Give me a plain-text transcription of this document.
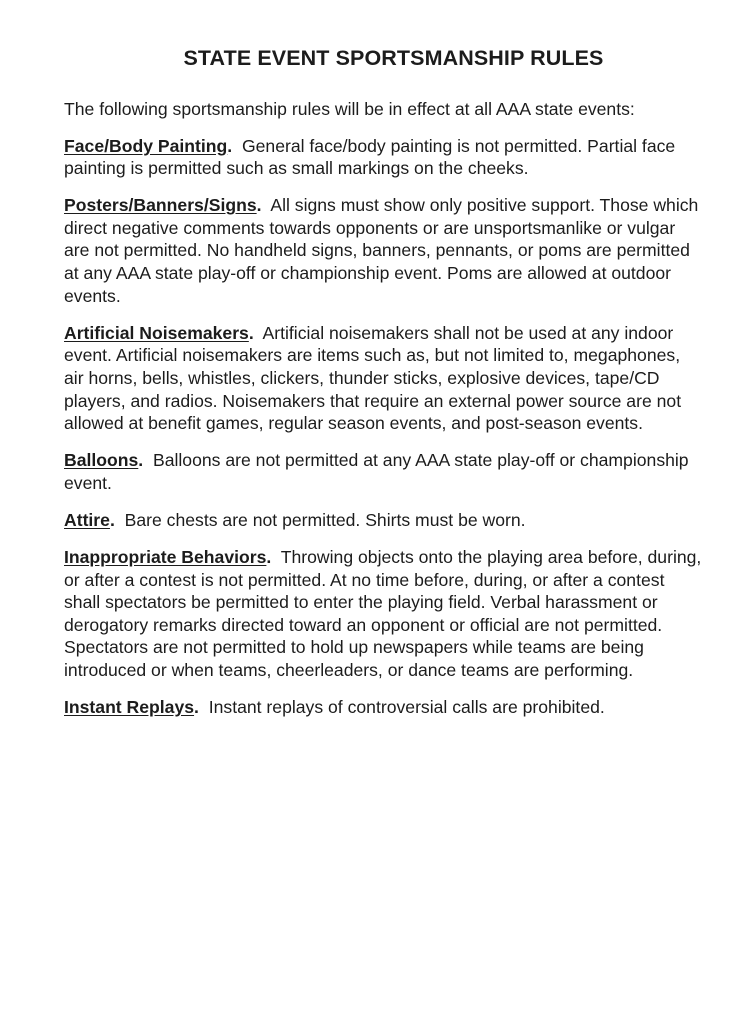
STATE EVENT SPORTSMANSHIP RULES

The following sportsmanship rules will be in effect at all AAA state events:

Face/Body Painting. General face/body painting is not permitted. Partial face painting is permitted such as small markings on the cheeks.

Posters/Banners/Signs. All signs must show only positive support. Those which direct negative comments towards opponents or are unsportsmanlike or vulgar are not permitted. No handheld signs, banners, pennants, or poms are permitted at any AAA state play-off or championship event. Poms are allowed at outdoor events.

Artificial Noisemakers. Artificial noisemakers shall not be used at any indoor event. Artificial noisemakers are items such as, but not limited to, megaphones, air horns, bells, whistles, clickers, thunder sticks, explosive devices, tape/CD players, and radios. Noisemakers that require an external power source are not allowed at benefit games, regular season events, and post-season events.

Balloons. Balloons are not permitted at any AAA state play-off or championship event.

Attire. Bare chests are not permitted. Shirts must be worn.

Inappropriate Behaviors. Throwing objects onto the playing area before, during, or after a contest is not permitted. At no time before, during, or after a contest shall spectators be permitted to enter the playing field. Verbal harassment or derogatory remarks directed toward an opponent or official are not permitted. Spectators are not permitted to hold up newspapers while teams are being introduced or when teams, cheerleaders, or dance teams are performing.

Instant Replays. Instant replays of controversial calls are prohibited.
